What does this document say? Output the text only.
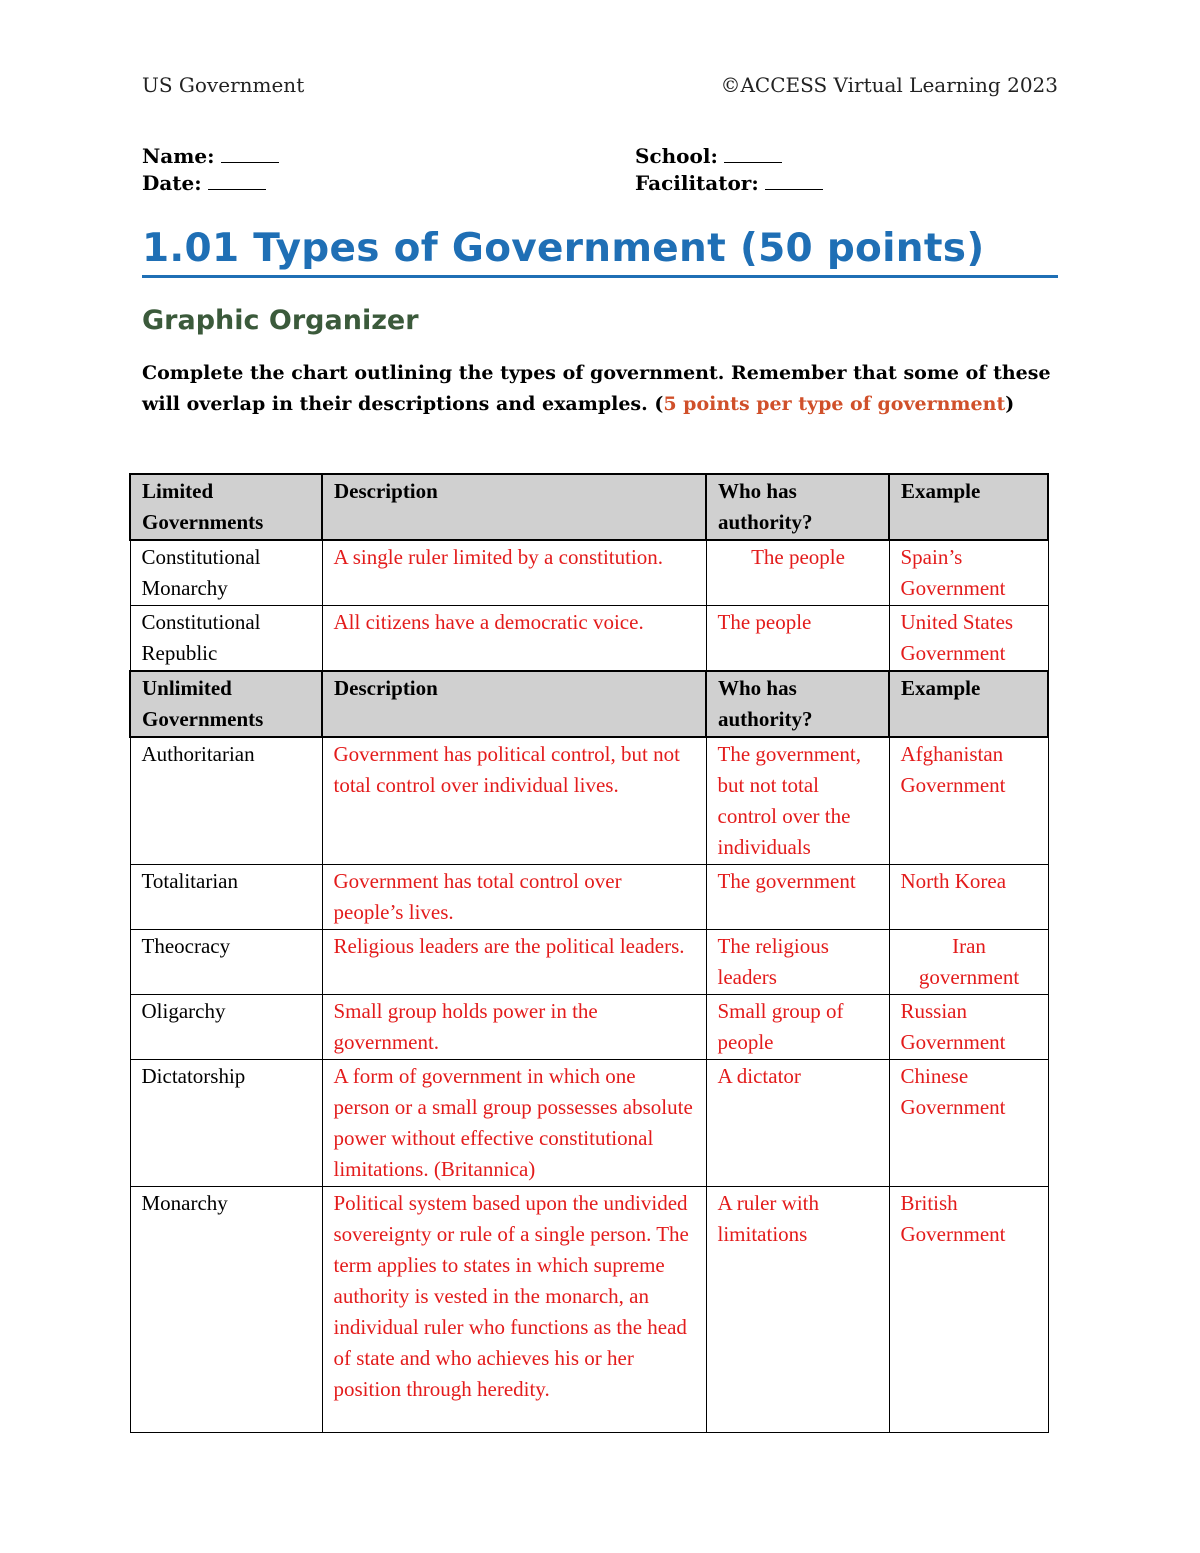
US Government	©ACCESS Virtual Learning 2023
Name:
Date:
School:
Facilitator:
1.01 Types of Government (50 points)
Graphic Organizer
Complete the chart outlining the types of government. Remember that some of these will overlap in their descriptions and examples. (5 points per type of government)
Limited Governments	Description	Who has authority?	Example
Constitutional Monarchy	A single ruler limited by a constitution.	The people	Spain’s Government
Constitutional Republic	All citizens have a democratic voice.	The people	United States Government
Unlimited Governments	Description	Who has authority?	Example
Authoritarian	Government has political control, but not total control over individual lives.	The government, but not total control over the individuals	Afghanistan Government
Totalitarian	Government has total control over people’s lives.	The government	North Korea
Theocracy	Religious leaders are the political leaders.	The religious leaders	Iran government
Oligarchy	Small group holds power in the government.	Small group of people	Russian Government
Dictatorship	A form of government in which one person or a small group possesses absolute power without effective constitutional limitations. (Britannica)	A dictator	Chinese Government
Monarchy	Political system based upon the undivided sovereignty or rule of a single person. The term applies to states in which supreme authority is vested in the monarch, an individual ruler who functions as the head of state and who achieves his or her position through heredity.	A ruler with limitations	British Government
